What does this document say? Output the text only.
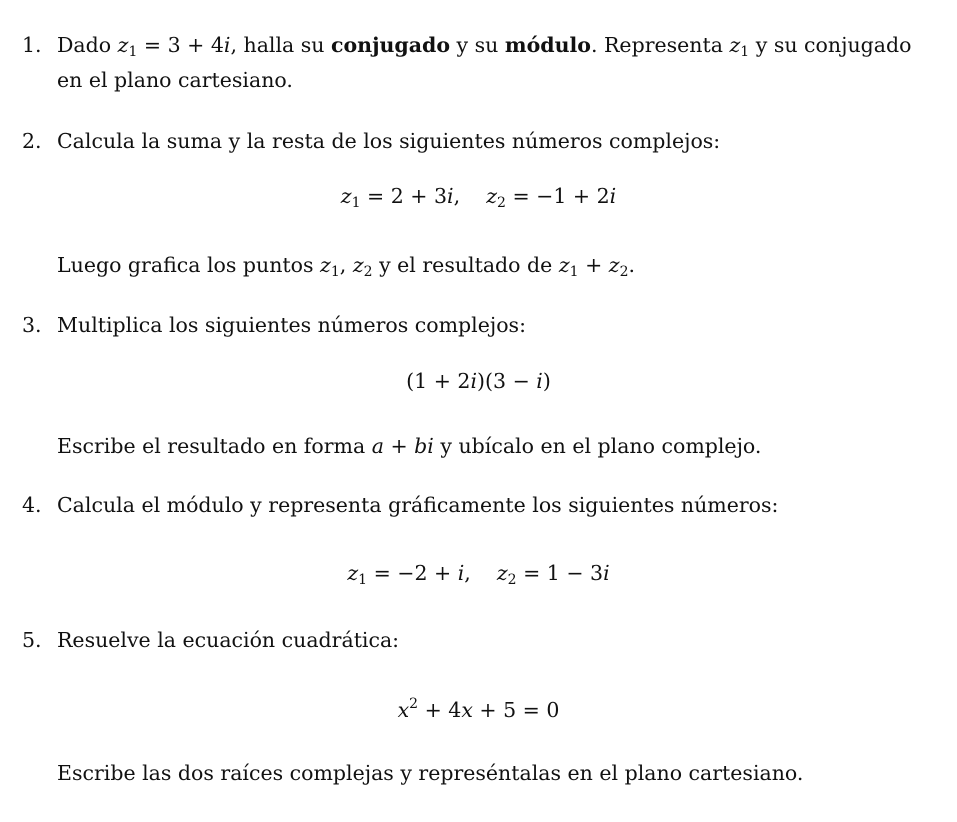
1. Dado $z_1 = 3 + 4i$, halla su conjugado y su módulo. Representa $z_1$ y su conjugado
en el plano cartesiano.
2. Calcula la suma y la resta de los siguientes números complejos:
$z_1 = 2 + 3i$,    $z_2 = -1 + 2i$
Luego grafica los puntos $z_1$, $z_2$ y el resultado de $z_1 + z_2$.
3. Multiplica los siguientes números complejos:
(1 + 2i)(3 − i)
Escribe el resultado en forma a + bi y ubícalo en el plano complejo.
4. Calcula el módulo y representa gráficamente los siguientes números:
$z_1 = -2 + i$,    $z_2 = 1 - 3i$
5. Resuelve la ecuación cuadrática:
$x^2 + 4x + 5 = 0$
Escribe las dos raíces complejas y represéntalas en el plano cartesiano.
